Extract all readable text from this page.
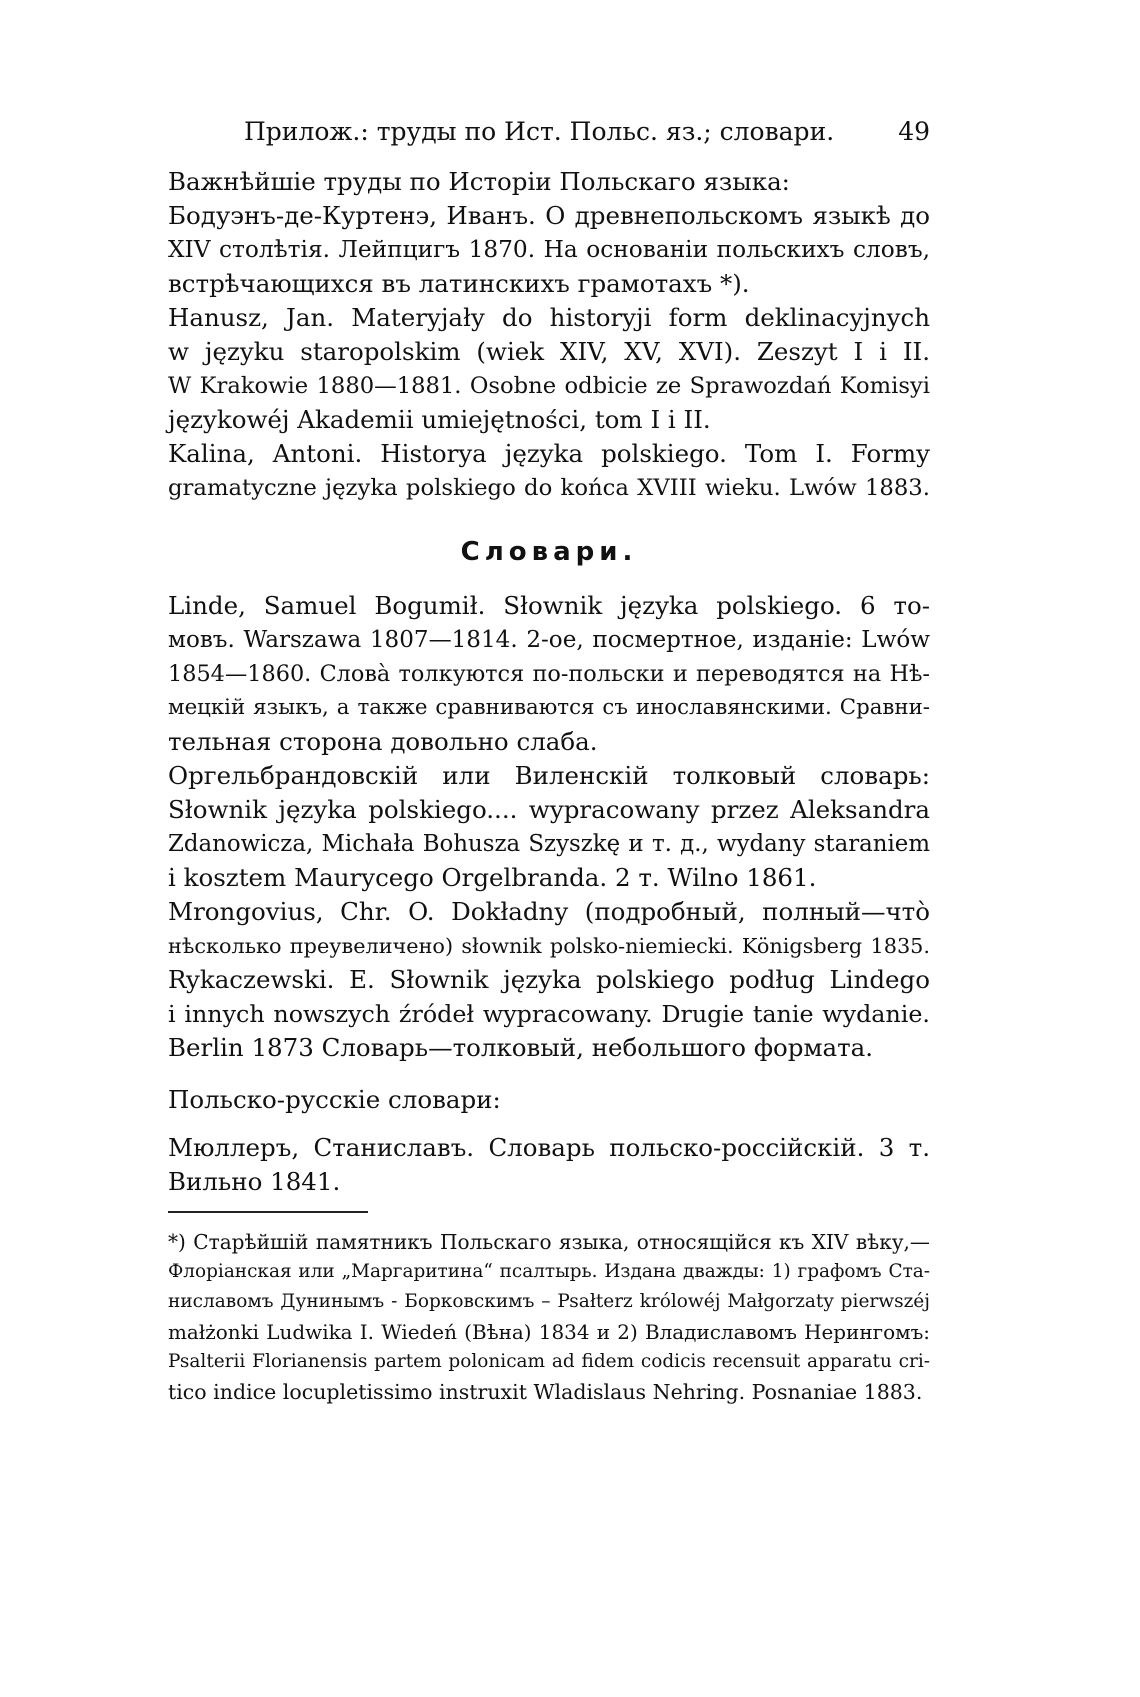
Прилож.: труды по Ист. Польс. яз.; словари.	49
Важнѣйшіе труды по Исторіи Польскаго языка:
Бодуэнъ-де-Куртенэ, Иванъ. О древнепольскомъ языкѣ до
XIV столѣтія. Лейпцигъ 1870. На основаніи польскихъ словъ,
встрѣчающихся въ латинскихъ грамотахъ *).
Hanusz, Jan. Materyjały do historyji form deklinacyjnych
w języku staropolskim (wiek XIV, XV, XVI). Zeszyt I i II.
W Krakowie 1880—1881. Osobne odbicie ze Sprawozdań Komisyi
językowéj Akademii umiejętności, tom I i II.
Kalina, Antoni. Historya języka polskiego. Tom I. Formy
gramatyczne języka polskiego do końca XVIII wieku. Lwów 1883.
Словари.
Linde, Samuel Bogumił. Słownik języka polskiego. 6 то-
мовъ. Warszawa 1807—1814. 2-ое, посмертное, изданіе: Lwów
1854—1860. Словà толкуются по-польски и переводятся на Нѣ-
мецкій языкъ, а также сравниваются съ инославянскими. Сравни-
тельная сторона довольно слаба.
Оргельбрандовскій или Виленскій толковый словарь:
Słownik języka polskiego.... wypracowany przez Aleksandra
Zdanowicza, Michała Bohusza Szyszkę и т. д., wydany staraniem
i kosztem Maurycego Orgelbranda. 2 т. Wilno 1861.
Mrongovius, Chr. O. Dokładny (подробный, полный—чтò
нѣсколько преувеличено) słownik polsko-niemiecki. Königsberg 1835.
Rykaczewski. E. Słownik języka polskiego podług Lindego
i innych nowszych źródeł wypracowany. Drugie tanie wydanie.
Berlin 1873 Словарь—толковый, небольшого формата.
Польско-русскіе словари:
Мюллеръ, Станиславъ. Словарь польско-россійскій. 3 т.
Вильно 1841.
*) Старѣйшій памятникъ Польскаго языка, относящійся къ XIV вѣку,—
Флоріанская или „Маргаритина“ псалтырь. Издана дважды: 1) графомъ Ста-
ниславомъ Дунинымъ - Борковскимъ – Psałterz królowéj Małgorzaty pierwszéj
małżonki Ludwika I. Wiedeń (Вѣна) 1834 и 2) Владиславомъ Нерингомъ:
Psalterii Florianensis partem polonicam ad fidem codicis recensuit apparatu cri-
tico indice locupletissimo instruxit Wladislaus Nehring. Posnaniae 1883.
